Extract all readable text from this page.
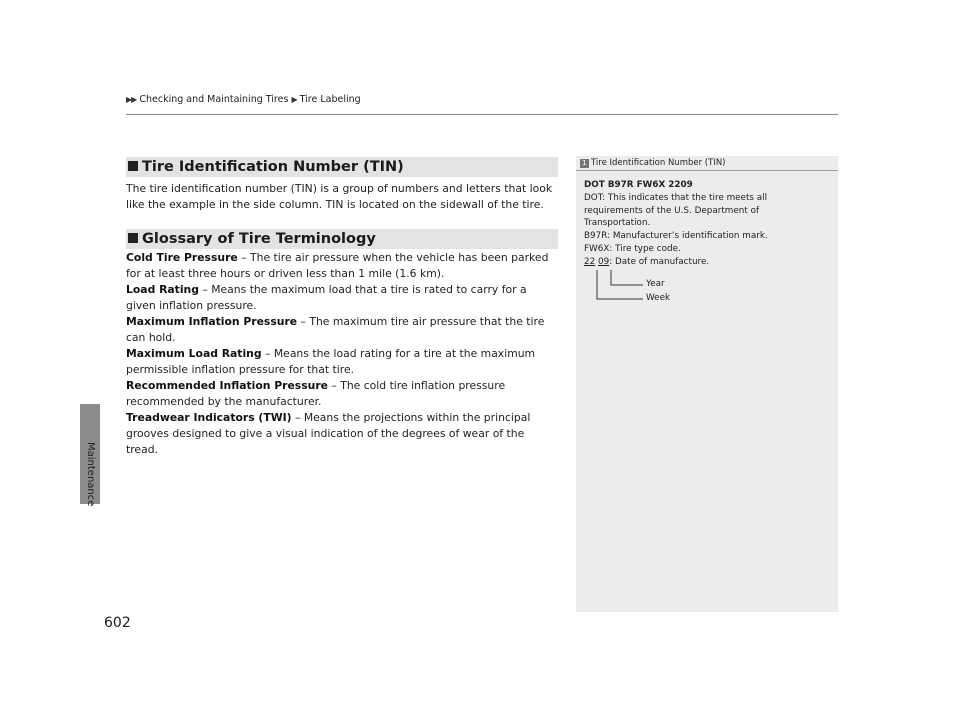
▶▶ Checking and Maintaining Tires ▶ Tire Labeling
Maintenance
Tire Identification Number (TIN)

The tire identification number (TIN) is a group of numbers and letters that look like the example in the side column. TIN is located on the sidewall of the tire.

Glossary of Tire Terminology

Cold Tire Pressure – The tire air pressure when the vehicle has been parked for at least three hours or driven less than 1 mile (1.6 km).

Load Rating – Means the maximum load that a tire is rated to carry for a given inflation pressure.

Maximum Inflation Pressure – The maximum tire air pressure that the tire can hold.

Maximum Load Rating – Means the load rating for a tire at the maximum permissible inflation pressure for that tire.

Recommended Inflation Pressure – The cold tire inflation pressure recommended by the manufacturer.

Treadwear Indicators (TWI) – Means the projections within the principal grooves designed to give a visual indication of the degrees of wear of the tread.

1 Tire Identification Number (TIN)

DOT B97R FW6X 2209

DOT: This indicates that the tire meets all

requirements of the U.S. Department of

Transportation.

B97R: Manufacturer’s identification mark.

FW6X: Tire type code.

22 09: Date of manufacture.

Year
Week
602
